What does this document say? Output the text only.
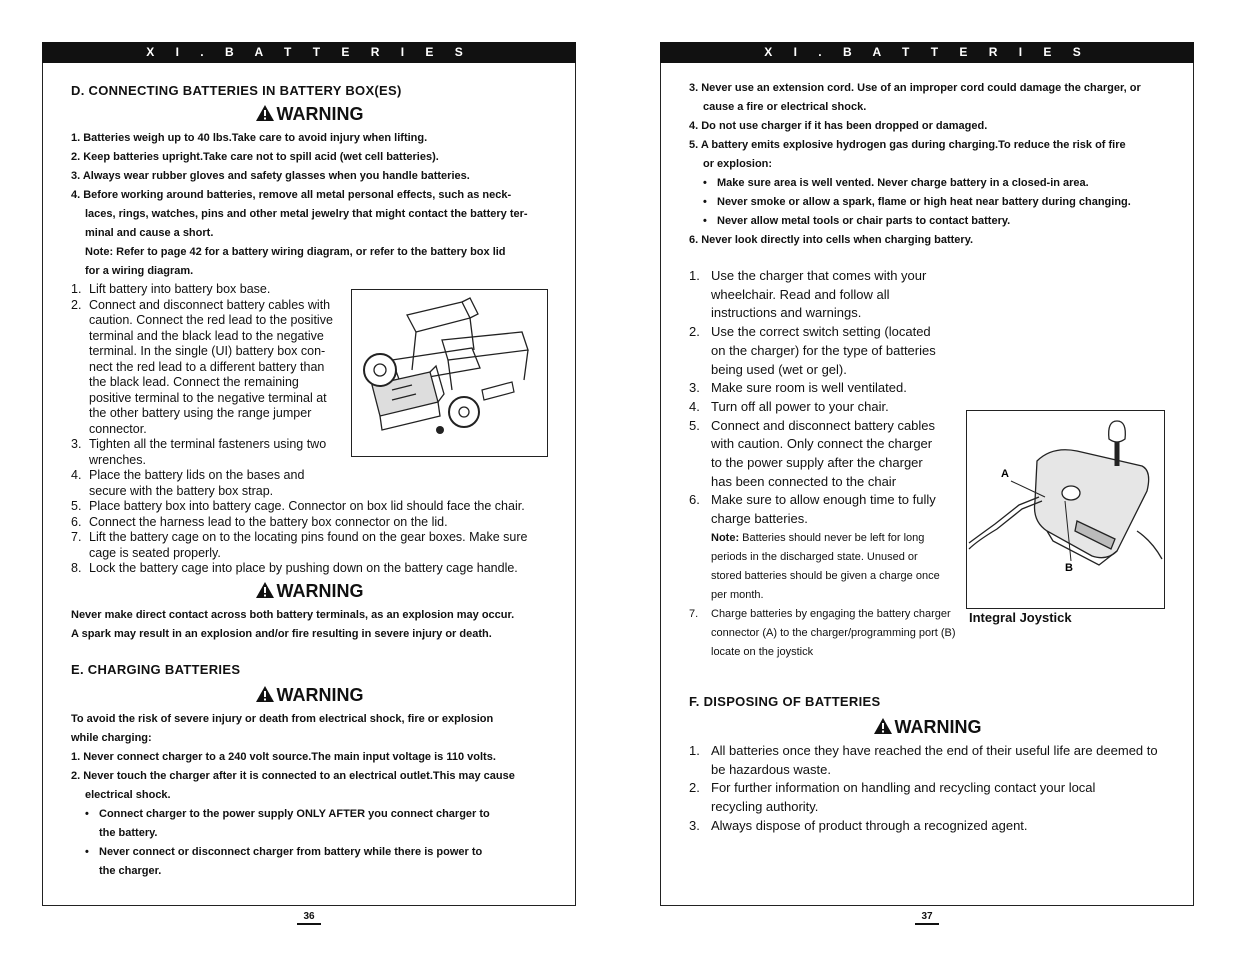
X I . B A T T E R I E S
D. CONNECTING BATTERIES IN BATTERY BOX(ES)
WARNING
1. Batteries weigh up to 40 lbs.Take care to avoid injury when lifting.
2. Keep batteries upright.Take care not to spill acid (wet cell batteries).
3. Always wear rubber gloves and safety glasses when you handle batteries.
4. Before working around batteries, remove all metal personal effects, such as neck-
laces, rings, watches, pins and other metal jewelry that might contact the battery ter-
minal and cause a short.
Note: Refer to page 42 for a battery wiring diagram, or refer to the battery box lid
for a wiring diagram.
1. Lift battery into battery box base.
2. Connect and disconnect battery cables with caution. Connect the red lead to the positive terminal and the black lead to the negative terminal. In the single (UI) battery box con-nect the red lead to a different battery than the black lead. Connect the remaining positive terminal to the negative terminal at the other battery using the range jumper connector.
3. Tighten all the terminal fasteners using two wrenches.
4. Place the battery lids on the bases and secure with the battery box strap.
5. Place battery box into battery cage. Connector on box lid should face the chair.
6. Connect the harness lead to the battery box connector on the lid.
7. Lift the battery cage on to the locating pins found on the gear boxes. Make sure cage is seated properly.
8. Lock the battery cage into place by pushing down on the battery cage handle.
WARNING
Never make direct contact across both battery terminals, as an explosion may occur.
A spark may result in an explosion and/or fire resulting in severe injury or death.
E. CHARGING BATTERIES
WARNING
To avoid the risk of severe injury or death from electrical shock, fire or explosion
while charging:
1. Never connect charger to a 240 volt source.The main input voltage is 110 volts.
2. Never touch the charger after it is connected to an electrical outlet.This may cause
electrical shock.
• Connect charger to the power supply ONLY AFTER you connect charger to
the battery.
• Never connect or disconnect charger from battery while there is power to
the charger.
36
X I . B A T T E R I E S
3. Never use an extension cord. Use of an improper cord could damage the charger, or
cause a fire or electrical shock.
4. Do not use charger if it has been dropped or damaged.
5. A battery emits explosive hydrogen gas during charging.To reduce the risk of fire
or explosion:
• Make sure area is well vented. Never charge battery in a closed-in area.
• Never smoke or allow a spark, flame or high heat near battery during changing.
• Never allow metal tools or chair parts to contact battery.
6. Never look directly into cells when charging battery.
1. Use the charger that comes with your wheelchair. Read and follow all instructions and warnings.
2. Use the correct switch setting (located on the charger) for the type of batteries being used (wet or gel).
3. Make sure room is well ventilated.
4. Turn off all power to your chair.
5. Connect and disconnect battery cables with caution. Only connect the charger to the power supply after the charger has been connected to the chair
6. Make sure to allow enough time to fully charge batteries.
Note: Batteries should never be left for long periods in the discharged state. Unused or stored batteries should be given a charge once per month.
7.	Charge batteries by engaging the battery charger connector (A) to the charger/programming port (B) locate on the joystick
F. DISPOSING OF BATTERIES
WARNING
1. All batteries once they have reached the end of their useful life are deemed to be hazardous waste.
2. For further information on handling and recycling contact your local recycling authority.
3. Always dispose of product through a recognized agent.
A
B
Integral Joystick
37
